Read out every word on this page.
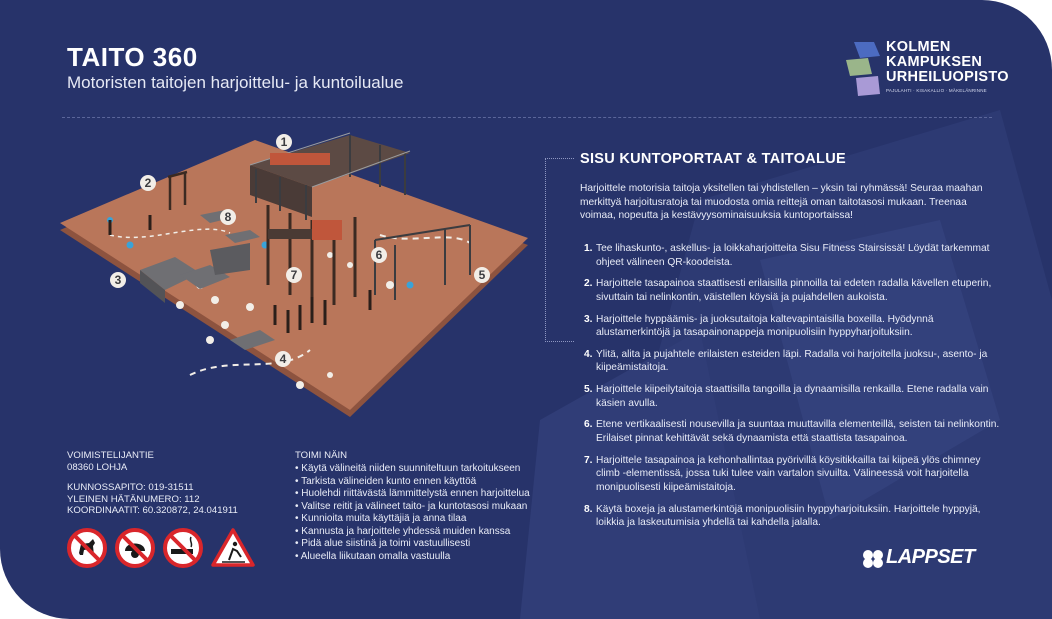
TAITO 360
Motoristen taitojen harjoittelu- ja kuntoilualue
KOLMEN
KAMPUKSEN
URHEILUOPISTO
PAJULAHTI · KISAKALLIO · MÄKELÄNRINNE
1
2
3
4
5
6
7
8
SISU KUNTOPORTAAT & TAITOALUE
Harjoittele motorisia taitoja yksitellen tai yhdistellen – yksin tai ryhmässä! Seuraa maahan merkittyä harjoitusratoja tai muodosta omia reittejä oman taitotasosi mukaan. Treenaa voimaa, nopeutta ja kestävyysominaisuuksia kuntoportaissa!
1. Tee lihaskunto-, askellus- ja loikkaharjoitteita Sisu Fitness Stairsissä! Löydät tarkemmat ohjeet välineen QR-koodeista.
2. Harjoittele tasapainoa staattisesti erilaisilla pinnoilla tai edeten radalla kävellen etuperin, sivuttain tai nelinkontin, väistellen köysiä ja pujahdellen aukoista.
3. Harjoittele hyppäämis- ja juoksutaitoja kaltevapintaisilla boxeilla. Hyödynnä alustamerkintöjä ja tasapainonappeja monipuolisiin hyppyharjoituksiin.
4. Ylitä, alita ja pujahtele erilaisten esteiden läpi. Radalla voi harjoitella juoksu-, asento- ja kiipeämistaitoja.
5. Harjoittele kiipeilytaitoja staattisilla tangoilla ja dynaamisilla renkailla. Etene radalla vain käsien avulla.
6. Etene vertikaalisesti nousevilla ja suuntaa muuttavilla elementeillä, seisten tai nelinkontin. Erilaiset pinnat kehittävät sekä dynaamista että staattista tasapainoa.
7. Harjoittele tasapainoa ja kehonhallintaa pyörivillä köysitikkailla tai kiipeä ylös chimney climb -elementissä, jossa tuki tulee vain vartalon sivuilta. Välineessä voit harjoitella monipuolisesti kiipeämistaitoja.
8. Käytä boxeja ja alustamerkintöjä monipuolisiin hyppyharjoituksiin. Harjoittele hyppyjä, loikkia ja laskeutumisia yhdellä tai kahdella jalalla.
VOIMISTELIJANTIE
08360 LOHJA
KUNNOSSAPITO: 019-31511
YLEINEN HÄTÄNUMERO: 112
KOORDINAATIT: 60.320872, 24.041911
TOIMI NÄIN
• Käytä välineitä niiden suunniteltuun tarkoitukseen
• Tarkista välineiden kunto ennen käyttöä
• Huolehdi riittävästä lämmittelystä ennen harjoittelua
• Valitse reitit ja välineet taito- ja kuntotasosi mukaan
• Kunnioita muita käyttäjiä ja anna tilaa
• Kannusta ja harjoittele yhdessä muiden kanssa
• Pidä alue siistinä ja toimi vastuullisesti
• Alueella liikutaan omalla vastuulla	LAPPSET
